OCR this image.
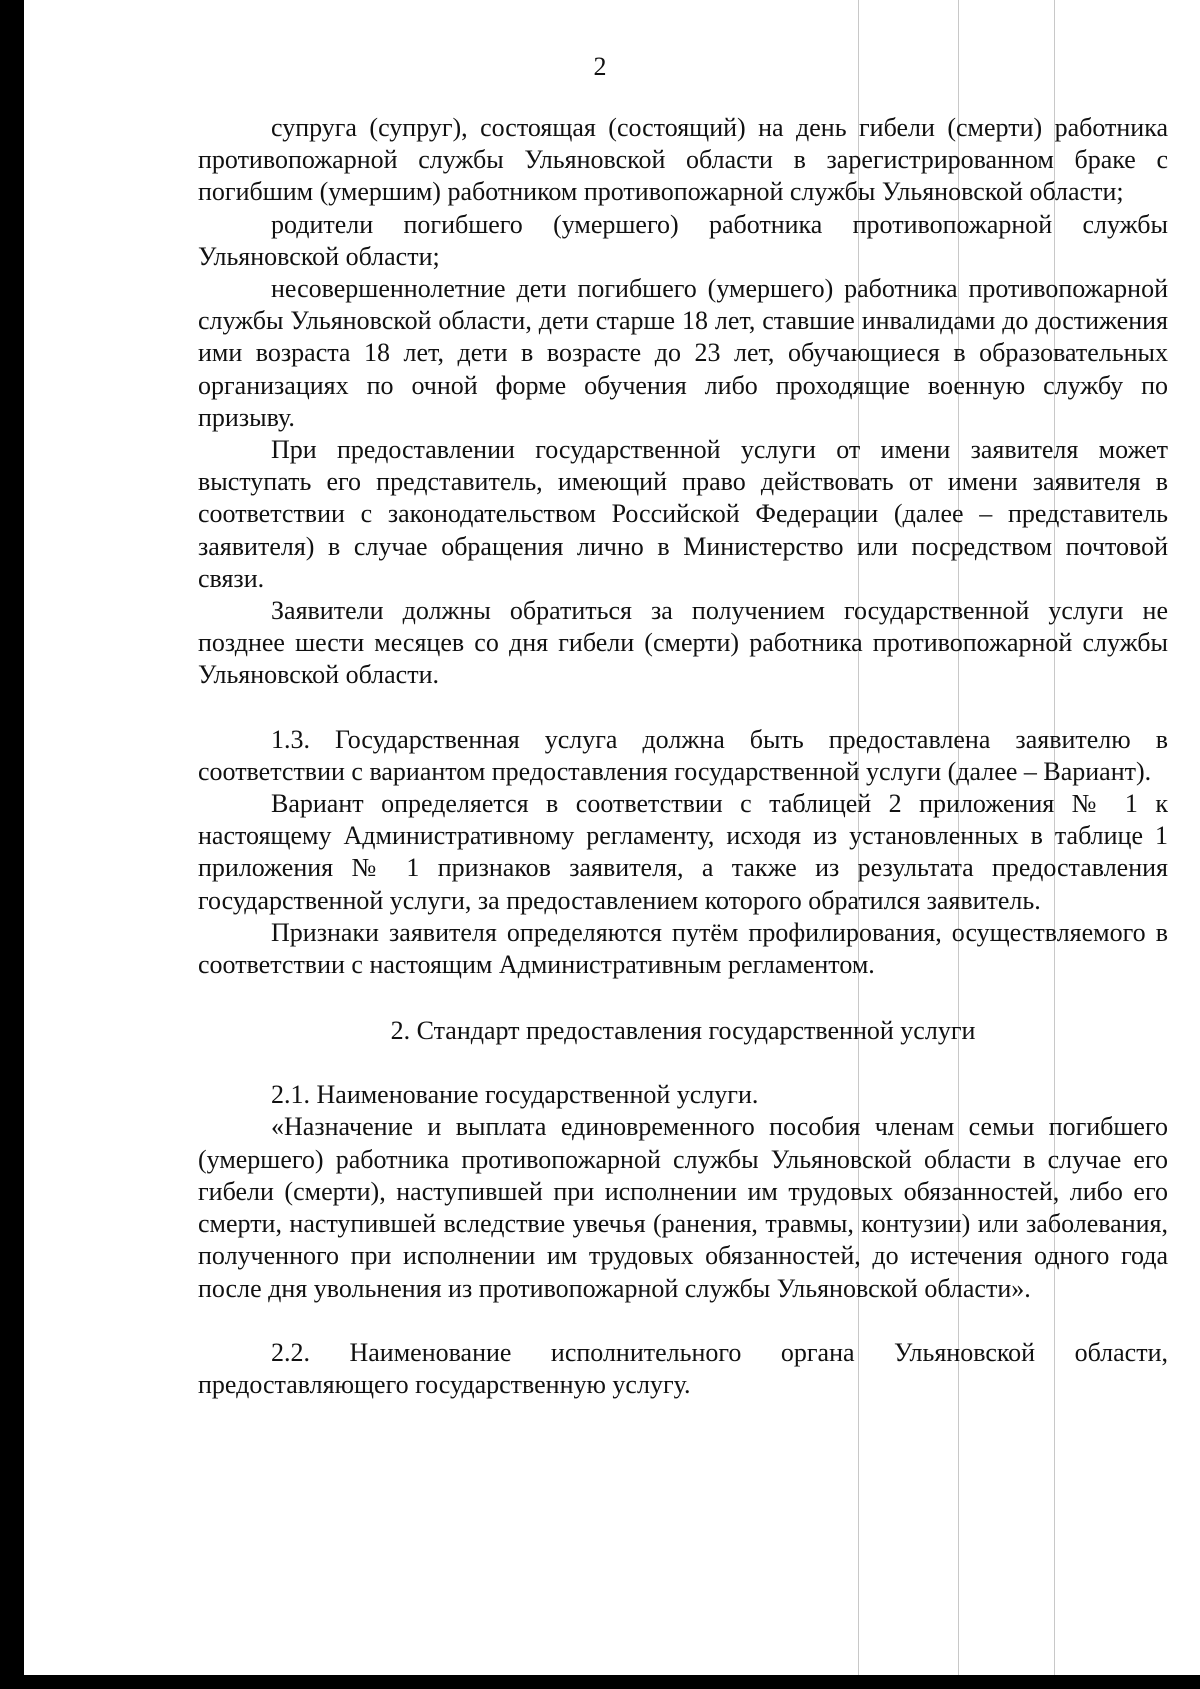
2

супруга (супруг), состоящая (состоящий) на день гибели (смерти) работника противопожарной службы Ульяновской области в зарегистрированном браке с погибшим (умершим) работником противопожарной службы Ульяновской области;

родители погибшего (умершего) работника противопожарной службы Ульяновской области;

несовершеннолетние дети погибшего (умершего) работника противопожарной службы Ульяновской области, дети старше 18 лет, ставшие инвалидами до достижения ими возраста 18 лет, дети в возрасте до 23 лет, обучающиеся в образовательных организациях по очной форме обучения либо проходящие военную службу по призыву.

При предоставлении государственной услуги от имени заявителя может выступать его представитель, имеющий право действовать от имени заявителя в соответствии с законодательством Российской Федерации (далее – представитель заявителя) в случае обращения лично в Министерство или посредством почтовой связи.

Заявители должны обратиться за получением государственной услуги не позднее шести месяцев со дня гибели (смерти) работника противопожарной службы Ульяновской области.

1.3. Государственная услуга должна быть предоставлена заявителю в соответствии с вариантом предоставления государственной услуги (далее – Вариант).

Вариант определяется в соответствии с таблицей 2 приложения № 1 к настоящему Административному регламенту, исходя из установленных в таблице 1 приложения № 1 признаков заявителя, а также из результата предоставления государственной услуги, за предоставлением которого обратился заявитель.

Признаки заявителя определяются путём профилирования, осуществляемого в соответствии с настоящим Административным регламентом.

2. Стандарт предоставления государственной услуги

2.1. Наименование государственной услуги.

«Назначение и выплата единовременного пособия членам семьи погибшего (умершего) работника противопожарной службы Ульяновской области в случае его гибели (смерти), наступившей при исполнении им трудовых обязанностей, либо его смерти, наступившей вследствие увечья (ранения, травмы, контузии) или заболевания, полученного при исполнении им трудовых обязанностей, до истечения одного года после дня увольнения из противопожарной службы Ульяновской области».

2.2. Наименование исполнительного органа Ульяновской области, предоставляющего государственную услугу.
